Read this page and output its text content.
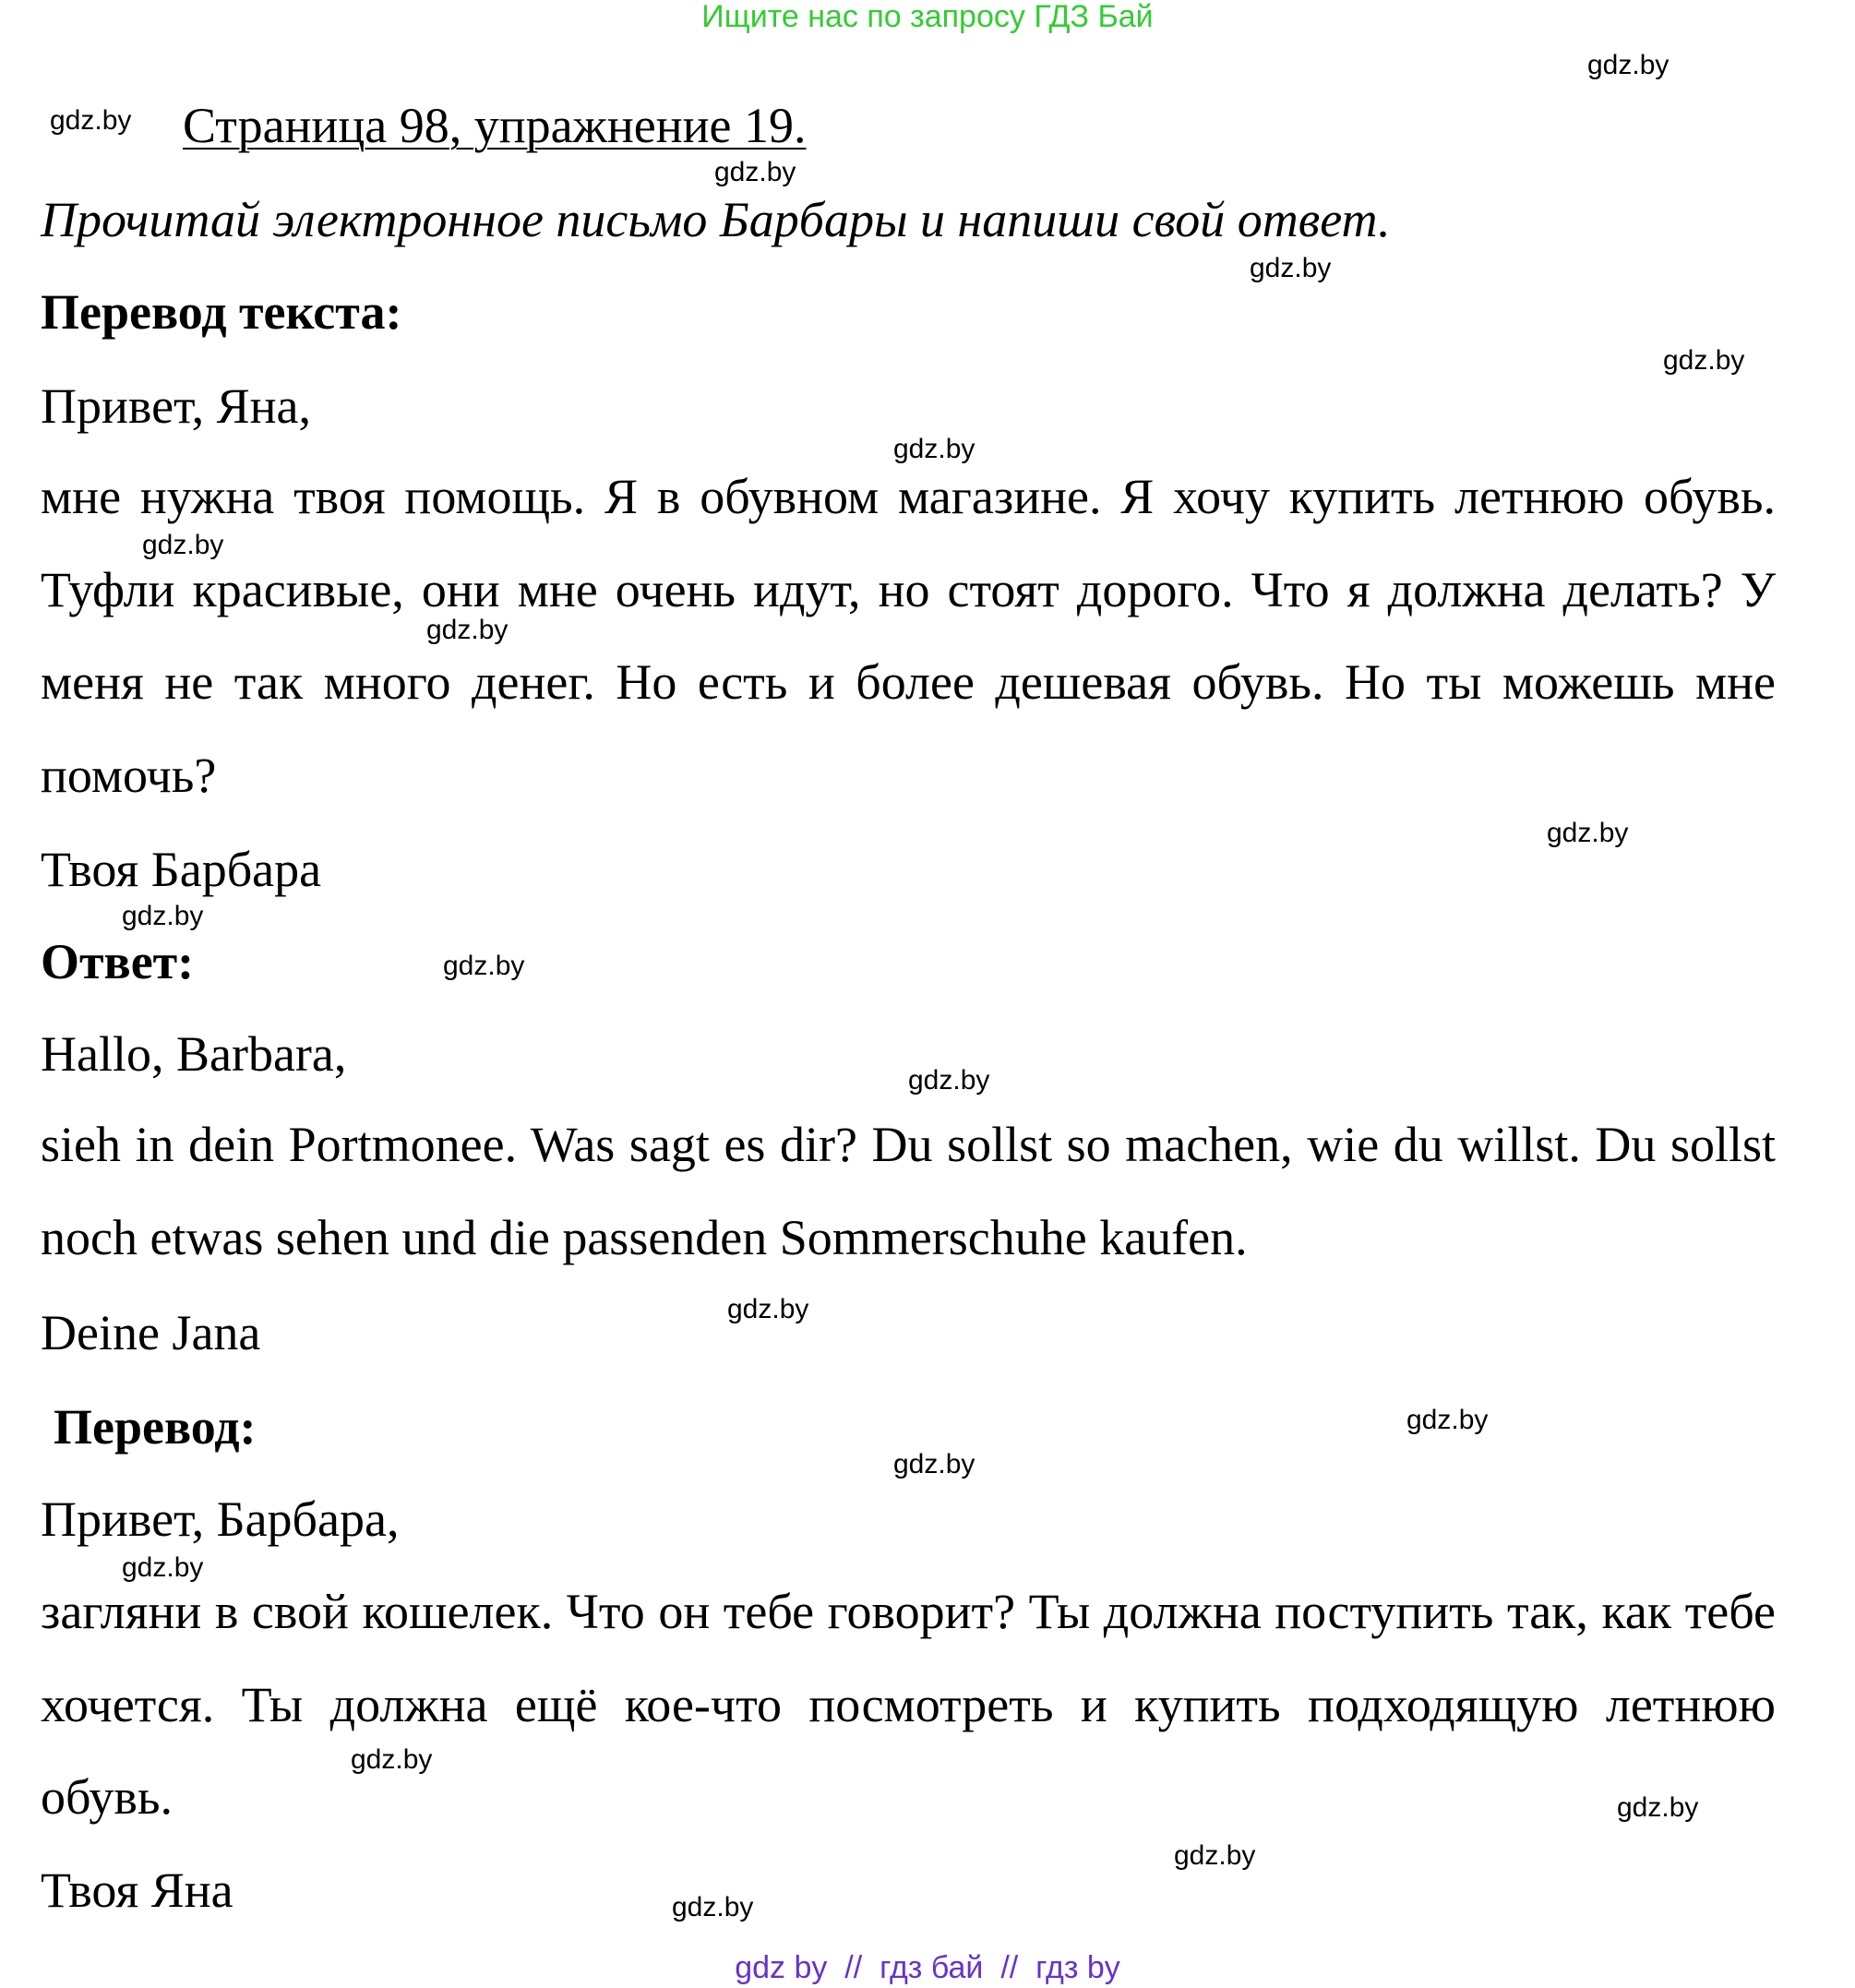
Ищите нас по запросу ГДЗ Бай
Страница 98, упражнение 19.
Прочитай электронное письмо Барбары и напиши свой ответ.
Перевод текста:
Привет, Яна,
мне нужна твоя помощь. Я в обувном магазине. Я хочу купить летнюю обувь. Туфли красивые, они мне очень идут, но стоят дорого. Что я должна делать? У меня не так много денег. Но есть и более дешевая обувь. Но ты можешь мне помочь?
Твоя Барбара
Ответ:
Hallo, Barbara,
sieh in dein Portmonee. Was sagt es dir? Du sollst so machen, wie du willst. Du sollst noch etwas sehen und die passenden Sommerschuhe kaufen.
Deine Jana
Перевод:
Привет, Барбара,
загляни в свой кошелек. Что он тебе говорит? Ты должна поступить так, как тебе хочется. Ты должна ещё кое-что посмотреть и купить подходящую летнюю обувь.
Твоя Яна
gdz.by
gdz.by
gdz.by
gdz.by
gdz.by
gdz.by
gdz.by
gdz.by
gdz.by
gdz.by
gdz.by
gdz.by
gdz.by
gdz.by
gdz.by
gdz.by
gdz.by
gdz.by
gdz.by
gdz.by
gdz by  //  гдз бай  //  гдз by
